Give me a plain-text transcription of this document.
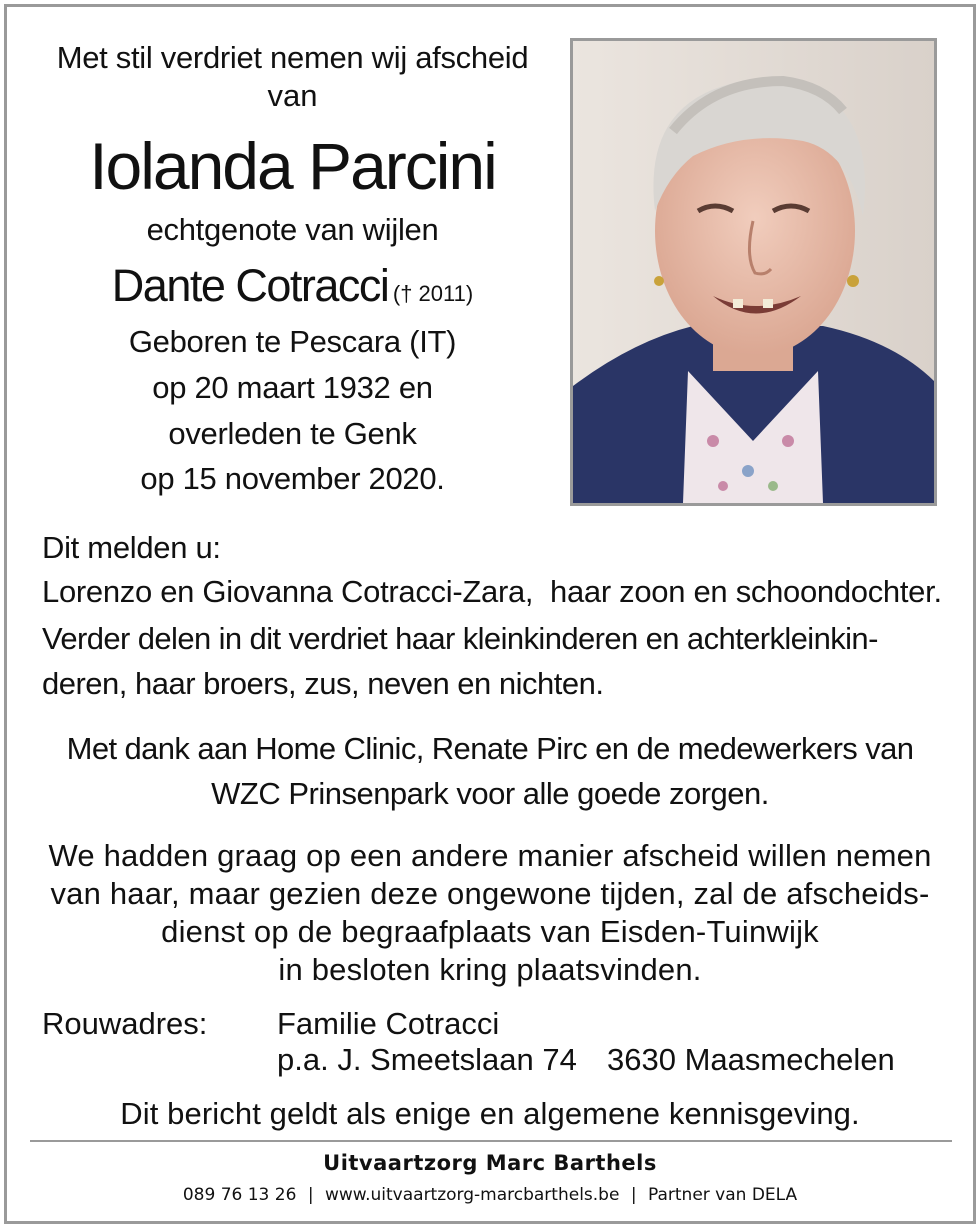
Met stil verdriet nemen wij afscheid
van
Iolanda Parcini
echtgenote van wijlen
Dante Cotracci († 2011)
Geboren te Pescara (IT)
op 20 maart 1932 en
overleden te Genk
op 15 november 2020.
Dit melden u:
Lorenzo en Giovanna Cotracci-Zara, haar zoon en schoondochter.
Verder delen in dit verdriet haar kleinkinderen en achterkleinkin-
deren, haar broers, zus, neven en nichten.
Met dank aan Home Clinic, Renate Pirc en de medewerkers van
WZC Prinsenpark voor alle goede zorgen.
We hadden graag op een andere manier afscheid willen nemen
van haar, maar gezien deze ongewone tijden, zal de afscheids-
dienst op de begraafplaats van Eisden-Tuinwijk
in besloten kring plaatsvinden.
Rouwadres: Familie Cotracci
p.a. J. Smeetslaan 74 3630 Maasmechelen
Dit bericht geldt als enige en algemene kennisgeving.
Uitvaartzorg Marc Barthels
089 76 13 26 | www.uitvaartzorg-marcbarthels.be | Partner van DELA
